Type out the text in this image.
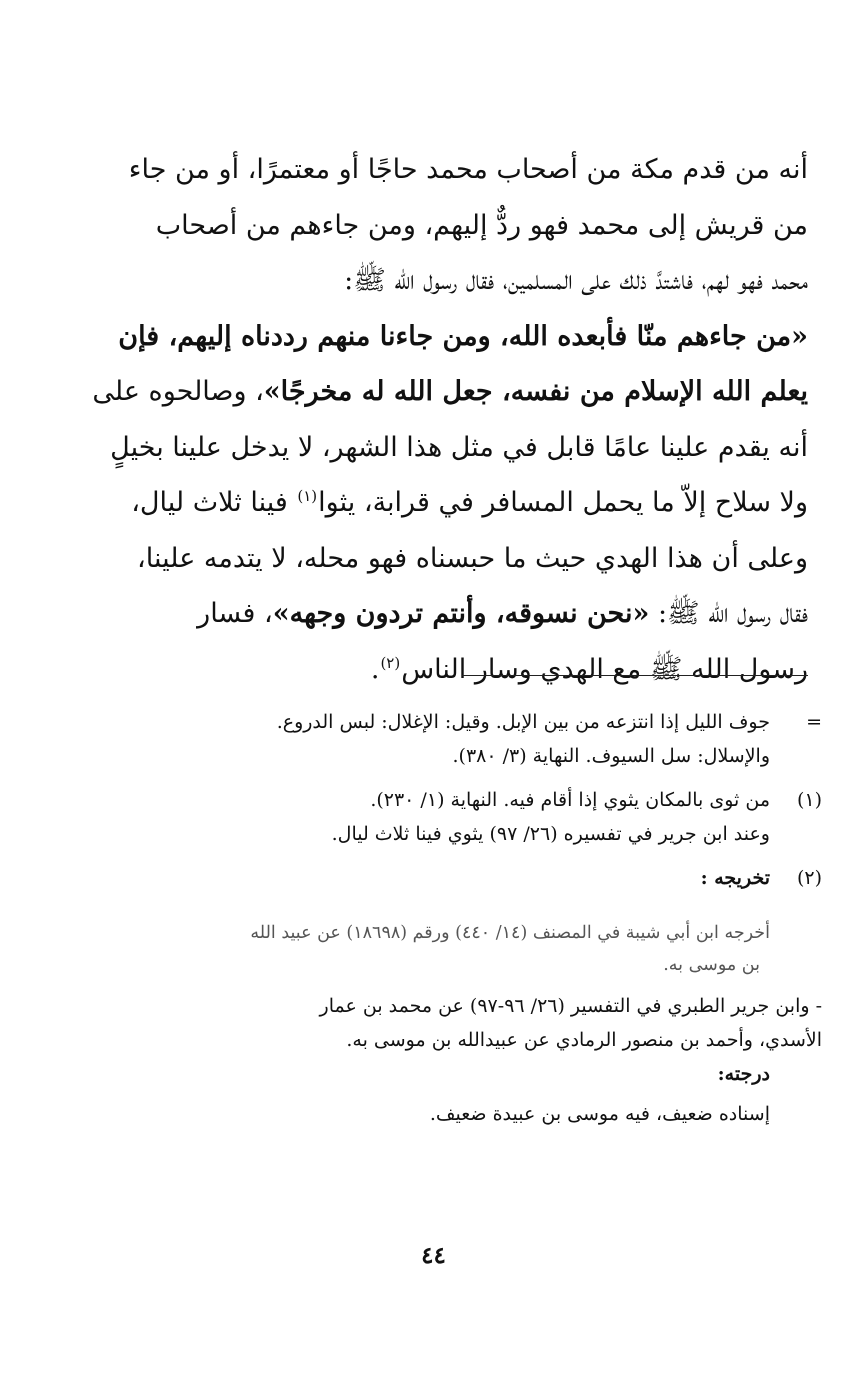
أنه من قدم مكة من أصحاب محمد حاجًا أو معتمرًا، أو من جاء

من قريش إلى محمد فهو ردٌّ إليهم، ومن جاءهم من أصحاب

محمد فهو لهم، فاشتدَّ ذلك على المسلمين، فقال رسول الله ﷺ:

«من جاءهم منّا فأبعده الله، ومن جاءنا منهم رددناه إليهم، فإن

يعلم الله الإسلام من نفسه، جعل الله له مخرجًا»، وصالحوه على

أنه يقدم علينا عامًا قابل في مثل هذا الشهر، لا يدخل علينا بخيلٍ

ولا سلاح إلاّ ما يحمل المسافر في قرابة، يثوا$^{(١)}$ فينا ثلاث ليال،

وعلى أن هذا الهدي حيث ما حبسناه فهو محله، لا يتدمه علينا،

فقال رسول الله ﷺ: «نحن نسوقه، وأنتم تردون وجهه»، فسار

رسول الله ﷺ مع الهدي وسار الناس$^{(٢)}$.

=
جوف الليل إذا انتزعه من بين الإبل. وقيل: الإغلال: لبس الدروع.
والإسلال: سل السيوف. النهاية (٣/ ٣٨٠).
(١)
من ثوى بالمكان يثوي إذا أقام فيه. النهاية (١/ ٢٣٠).
وعند ابن جرير في تفسيره (٢٦/ ٩٧) يثوي فينا ثلاث ليال.
(٢)
تخريجه :
أخرجه ابن أبي شيبة في المصنف (١٤/ ٤٤٠) ورقم (١٨٦٩٨) عن عبيد الله
بن موسى به.
- وابن جرير الطبري في التفسير (٢٦/ ٩٦-٩٧) عن محمد بن عمار
الأسدي، وأحمد بن منصور الرمادي عن عبيدالله بن موسى به.
درجته:
إسناده ضعيف، فيه موسى بن عبيدة ضعيف.
٤٤
